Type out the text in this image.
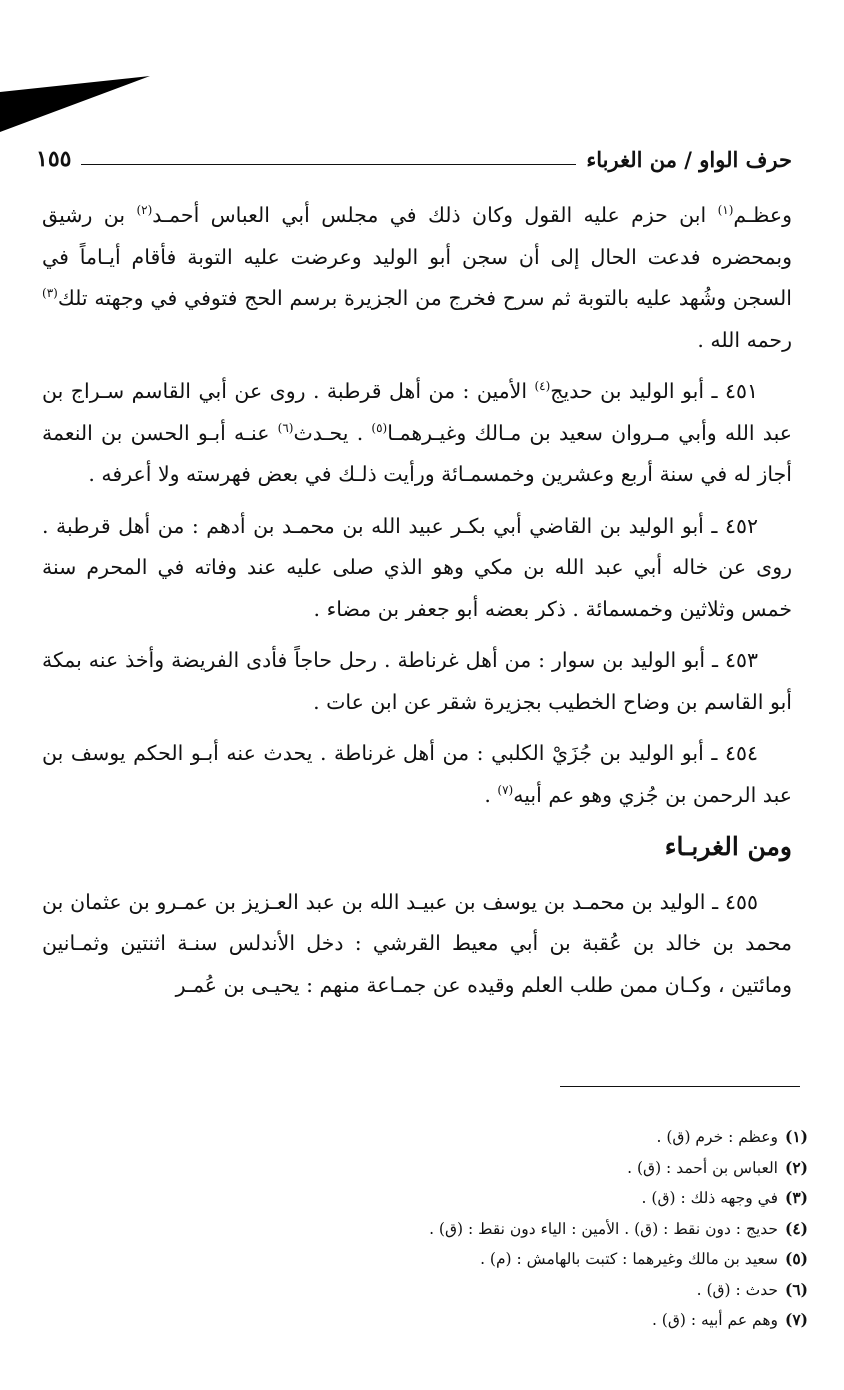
حرف الواو / من الغرباء
١٥٥

وعظـم$^{(١)}$ ابن حزم عليه القول وكان ذلك في مجلس أبي العباس أحمـد$^{(٢)}$ بن رشيق وبمحضره فدعت الحال إلى أن سجن أبو الوليد وعرضت عليه التوبة فأقام أيـاماً في السجن وشُهد عليه بالتوبة ثم سرح فخرج من الجزيرة برسم الحج فتوفي في وجهته تلك$^{(٣)}$ رحمه الله .

٤٥١ ـ أبو الوليد بن حديج$^{(٤)}$ الأمين : من أهل قرطبة . روى عن أبي القاسم سـراج بن عبد الله وأبي مـروان سعيد بن مـالك وغيـرهمـا$^{(٥)}$ . يحـدث$^{(٦)}$ عنـه أبـو الحسن بن النعمة أجاز له في سنة أربع وعشرين وخمسمـائة ورأيت ذلـك في بعض فهرسته ولا أعرفه .

٤٥٢ ـ أبو الوليد بن القاضي أبي بكـر عبيد الله بن محمـد بن أدهم : من أهل قرطبة . روى عن خاله أبي عبد الله بن مكي وهو الذي صلى عليه عند وفاته في المحرم سنة خمس وثلاثين وخمسمائة . ذكر بعضه أبو جعفر بن مضاء .

٤٥٣ ـ أبو الوليد بن سوار : من أهل غرناطة . رحل حاجاً فأدى الفريضة وأخذ عنه بمكة أبو القاسم بن وضاح الخطيب بجزيرة شقر عن ابن عات .

٤٥٤ ـ أبو الوليد بن جُزَيْ الكلبي : من أهل غرناطة . يحدث عنه أبـو الحكم يوسف بن عبد الرحمن بن جُزي وهو عم أبيه$^{(٧)}$ .

ومن الغربـاء

٤٥٥ ـ الوليد بن محمـد بن يوسف بن عبيـد الله بن عبد العـزيز بن عمـرو بن عثمان بن محمد بن خالد بن عُقبة بن أبي معيط القرشي : دخل الأندلس سنـة اثنتين وثمـانين ومائتين ، وكـان ممن طلب العلم وقيده عن جمـاعة منهم : يحيـى بن عُمـر

(١)
وعظم : خرم (ق) .
(٢)
العباس بن أحمد : (ق) .
(٣)
في وجهه ذلك : (ق) .
(٤)
حديج : دون نقط : (ق) . الأمين : الياء دون نقط : (ق) .
(٥)
سعيد بن مالك وغيرهما : كتبت بالهامش : (م) .
(٦)
حدث : (ق) .
(٧)
وهم عم أبيه : (ق) .
